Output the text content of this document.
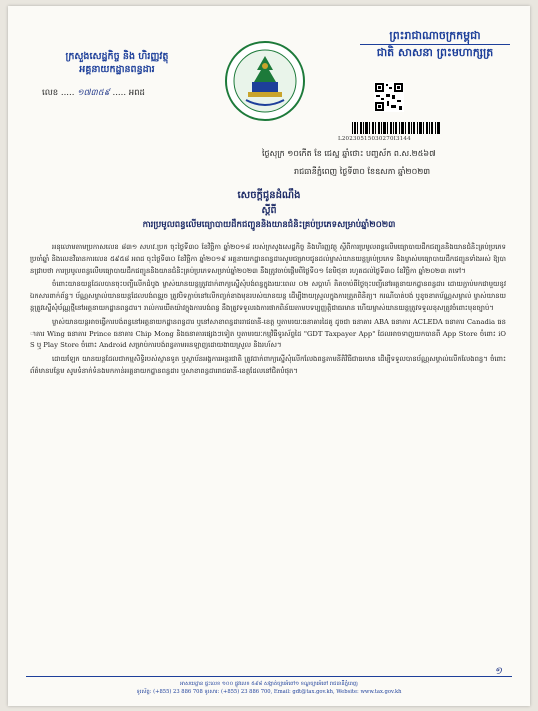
ក្រសួងសេដ្ឋកិច្ច និង ហិរញ្ញវត្ថុ
អគ្គនាយកដ្ឋានពន្ធដារ
លេខ ..... ១៧៣៥៩ ..... អពដ
ព្រះរាជាណាចក្រកម្ពុជា
ជាតិ សាសនា ព្រះមហាក្សត្រ
L20230515030270I3144
ថ្ងៃសុក្រ ១០កើត ខែ ជេស្ឋ ឆ្នាំថោះ បញ្ចស័ក ព.ស.២៥៦៧
រាជធានីភ្នំពេញ ថ្ងៃទី៣០ ខែឧសភា ឆ្នាំ២០២៣
សេចក្តីជូនដំណឹង
ស្តីពី
ការប្រមូលពន្ធលើមធ្យោបាយដឹកជញ្ជូននិងយានជំនិះគ្រប់ប្រភេទសម្រាប់ឆ្នាំ២០២៣

អនុលោមតាមប្រកាសលេខ ៨៣១ សហវ.ប្រក ចុះថ្ងៃទី៣០ ខែវិច្ឆិកា ឆ្នាំ២០១៨ របស់ក្រសួងសេដ្ឋកិច្ច និងហិរញ្ញវត្ថុ ស្តីពីការប្រមូលពន្ធលើមធ្យោបាយដឹកជញ្ជូននិងយានជំនិះគ្រប់ប្រភេទប្រចាំឆ្នាំ និងលេខវិធានការលេខ ៥៩៥៨ អពដ ចុះថ្ងៃទី៣០ ខែវិច្ឆិកា ឆ្នាំ២០១៩ អគ្គនាយកដ្ឋានពន្ធដារសូមជម្រាបជូនដល់ម្ចាស់យានយន្តគ្រប់ប្រភេទ និងម្ចាស់មធ្យោបាយដឹកជញ្ជូនទាំងអស់ ឱ្យបានជ្រាបថា ការប្រមូលពន្ធលើមធ្យោបាយដឹកជញ្ជូននិងយានជំនិះគ្រប់ប្រភេទសម្រាប់ឆ្នាំ២០២៣ នឹងត្រូវចាប់ផ្តើមពីថ្ងៃទី០១ ខែមិថុនា រហូតដល់ថ្ងៃទី៣០ ខែវិច្ឆិកា ឆ្នាំ២០២៣ តទៅ។

ចំពោះយានយន្តដែលបានចុះបញ្ជីលើកដំបូង ម្ចាស់យានយន្តត្រូវដាក់ពាក្យស្នើសុំបង់ពន្ធក្នុងរយៈពេល ០២ សប្តាហ៍ គិតចាប់ពីថ្ងៃចុះបញ្ជីនៅអគ្គនាយកដ្ឋានពន្ធដារ ដោយភ្ជាប់មកជាមួយនូវឯកសារពាក់ព័ន្ធ។ ប័ណ្ណសម្គាល់យានយន្តដែលបង់ពន្ធរួច ត្រូវបិទភ្ជាប់នៅលើកញ្ចក់ខាងមុខរបស់យានយន្ត ដើម្បីងាយស្រួលក្នុងការត្រួតពិនិត្យ។ ករណីបាត់បង់ ឬខូចខាតប័ណ្ណសម្គាល់ ម្ចាស់យានយន្តត្រូវស្នើសុំប័ណ្ណថ្មីនៅអគ្គនាយកដ្ឋានពន្ធដារ។ រាល់ការយឺតយ៉ាវក្នុងការបង់ពន្ធ នឹងត្រូវទទួលរងការផាកពិន័យតាមបទប្បញ្ញត្តិជាធរមាន ហើយម្ចាស់យានយន្តត្រូវទទួលខុសត្រូវចំពោះមុខច្បាប់។

ម្ចាស់យានយន្តអាចធ្វើការបង់ពន្ធនៅអគ្គនាយកដ្ឋានពន្ធដារ ឬនៅសាខាពន្ធដាររាជធានី-ខេត្ត ឬតាមរយៈធនាគារដៃគូ ដូចជា ធនាគារ ABA ធនាគារ ACLEDA ធនាគារ Canadia ធនាគារ Wing ធនាគារ Prince ធនាគារ Chip Mong និងធនាគារផ្សេងៗទៀត ឬតាមរយៈកម្មវិធីទូរស័ព្ទដៃ "GDT Taxpayer App" ដែលអាចទាញយកបានពី App Store ចំពោះ iOS ឬ Play Store ចំពោះ Android សម្រាប់ការបង់ពន្ធតាមអនឡាញដោយងាយស្រួល និងរហ័ស។

ដោយឡែក យានយន្តដែលជាកម្មសិទ្ធិរបស់ស្ថានទូត ឬស្ថាប័នអង្គការអន្តរជាតិ ត្រូវដាក់ពាក្យស្នើសុំលើកលែងពន្ធតាមនីតិវិធីជាធរមាន ដើម្បីទទួលបានប័ណ្ណសម្គាល់លើកលែងពន្ធ។ ចំពោះព័ត៌មានបន្ថែម សូមទំនាក់ទំនងមកកាន់អគ្គនាយកដ្ឋានពន្ធដារ ឬសាខាពន្ធដាររាជធានី-ខេត្តដែលនៅជិតបំផុត។

១
អាសយដ្ឋាន ផ្ទះលេខ ១០០ ផ្លូវលេខ ៥៩៨ សង្កាត់ច្បារអំពៅ១ ខណ្ឌច្បារអំពៅ រាជធានីភ្នំពេញ
ទូរស័ព្ទ: (+855) 23 886 708 ទូរសារ: (+855) 23 886 700, Email: gdt@tax.gov.kh, Website: www.tax.gov.kh
